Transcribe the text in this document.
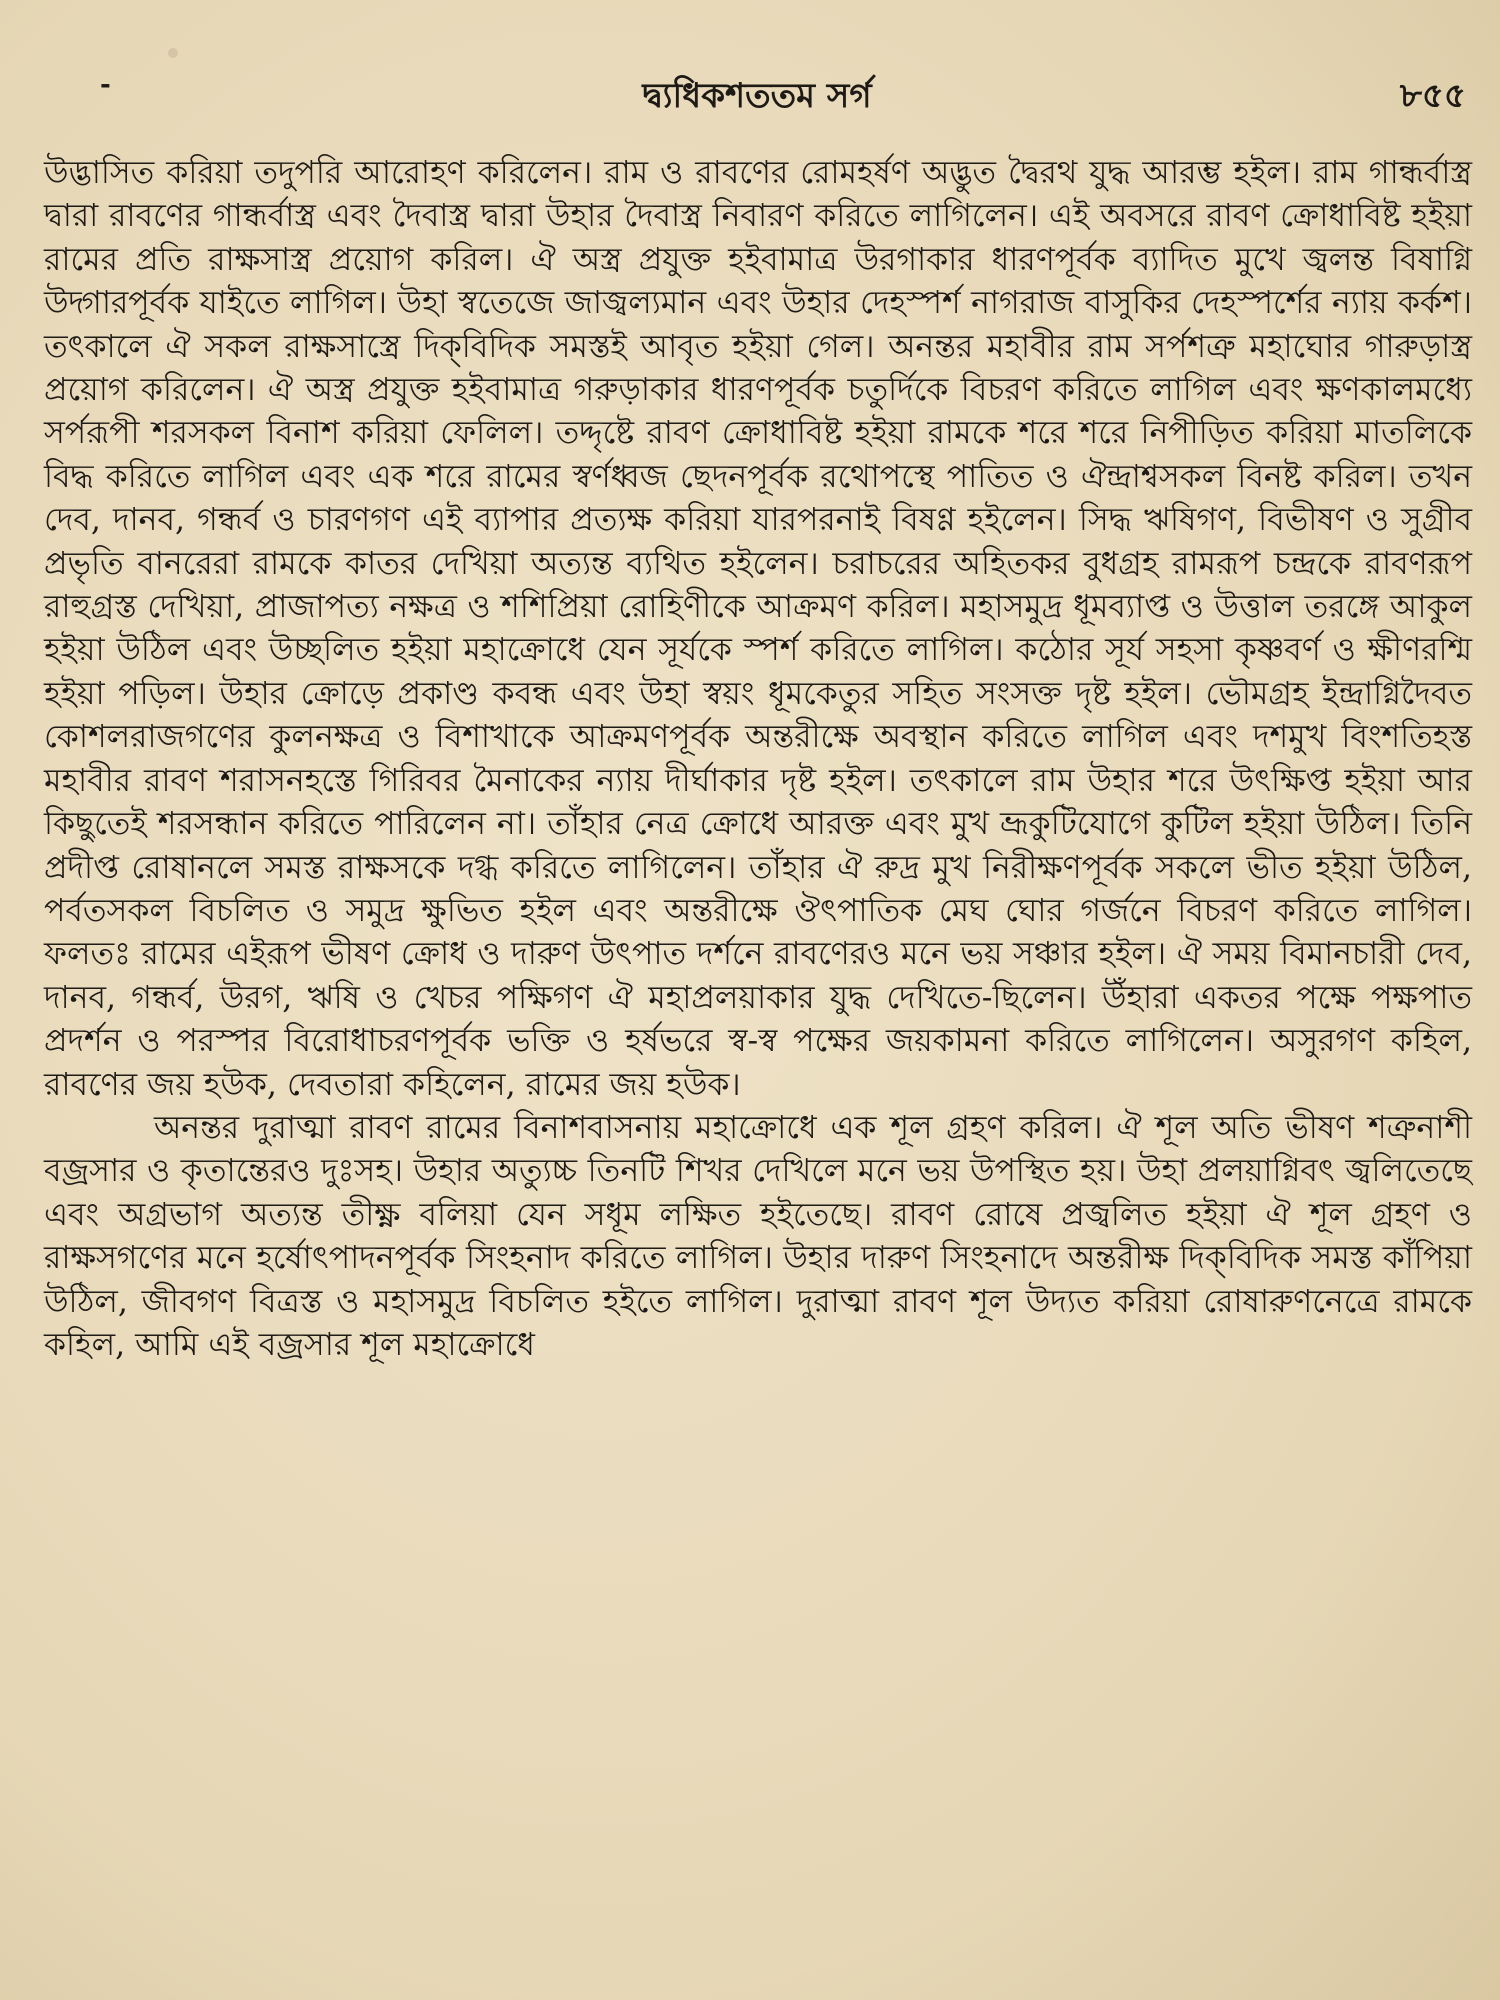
-	দ্ব্যধিকশততম সর্গ	৮৫৫

উদ্ভাসিত করিয়া তদুপরি আরোহণ করিলেন। রাম ও রাবণের রোমহর্ষণ অদ্ভুত দ্বৈরথ যুদ্ধ আরম্ভ হইল। রাম গান্ধর্বাস্ত্র দ্বারা রাবণের গান্ধর্বাস্ত্র এবং দৈবাস্ত্র দ্বারা উহার দৈবাস্ত্র নিবারণ করিতে লাগিলেন। এই অবসরে রাবণ ক্রোধাবিষ্ট হইয়া রামের প্রতি রাক্ষসাস্ত্র প্রয়োগ করিল। ঐ অস্ত্র প্রযুক্ত হইবামাত্র উরগাকার ধারণপূর্বক ব্যাদিত মুখে জ্বলন্ত বিষাগ্নি উদ্গারপূর্বক যাইতে লাগিল। উহা স্বতেজে জাজ্বল্যমান এবং উহার দেহস্পর্শ নাগরাজ বাসুকির দেহস্পর্শের ন্যায় কর্কশ। তৎকালে ঐ সকল রাক্ষসাস্ত্রে দিক্‌বিদিক সমস্তই আবৃত হইয়া গেল। অনন্তর মহাবীর রাম সর্পশত্রু মহাঘোর গারুড়াস্ত্র প্রয়োগ করিলেন। ঐ অস্ত্র প্রযুক্ত হইবামাত্র গরুড়াকার ধারণপূর্বক চতুর্দিকে বিচরণ করিতে লাগিল এবং ক্ষণকালমধ্যে সর্পরূপী শরসকল বিনাশ করিয়া ফেলিল। তদ্দৃষ্টে রাবণ ক্রোধাবিষ্ট হইয়া রামকে শরে শরে নিপীড়িত করিয়া মাতলিকে বিদ্ধ করিতে লাগিল এবং এক শরে রামের স্বর্ণধ্বজ ছেদনপূর্বক রথোপস্থে পাতিত ও ঐন্দ্রাশ্বসকল বিনষ্ট করিল। তখন দেব, দানব, গন্ধর্ব ও চারণগণ এই ব্যাপার প্রত্যক্ষ করিয়া যারপরনাই বিষণ্ণ হইলেন। সিদ্ধ ঋষিগণ, বিভীষণ ও সুগ্রীব প্রভৃতি বানরেরা রামকে কাতর দেখিয়া অত্যন্ত ব্যথিত হইলেন। চরাচরের অহিতকর বুধগ্রহ রামরূপ চন্দ্রকে রাবণরূপ রাহুগ্রস্ত দেখিয়া, প্রাজাপত্য নক্ষত্র ও শশিপ্রিয়া রোহিণীকে আক্রমণ করিল। মহাসমুদ্র ধূমব্যাপ্ত ও উত্তাল তরঙ্গে আকুল হইয়া উঠিল এবং উচ্ছলিত হইয়া মহাক্রোধে যেন সূর্যকে স্পর্শ করিতে লাগিল। কঠোর সূর্য সহসা কৃষ্ণবর্ণ ও ক্ষীণরশ্মি হইয়া পড়িল। উহার ক্রোড়ে প্রকাণ্ড কবন্ধ এবং উহা স্বয়ং ধূমকেতুর সহিত সংসক্ত দৃষ্ট হইল। ভৌমগ্রহ ইন্দ্রাগ্নিদৈবত কোশলরাজগণের কুলনক্ষত্র ও বিশাখাকে আক্রমণপূর্বক অন্তরীক্ষে অবস্থান করিতে লাগিল এবং দশমুখ বিংশতিহস্ত মহাবীর রাবণ শরাসনহস্তে গিরিবর মৈনাকের ন্যায় দীর্ঘাকার দৃষ্ট হইল। তৎকালে রাম উহার শরে উৎক্ষিপ্ত হইয়া আর কিছুতেই শরসন্ধান করিতে পারিলেন না। তাঁহার নেত্র ক্রোধে আরক্ত এবং মুখ ভ্রূকুটিযোগে কুটিল হইয়া উঠিল। তিনি প্রদীপ্ত রোষানলে সমস্ত রাক্ষসকে দগ্ধ করিতে লাগিলেন। তাঁহার ঐ রুদ্র মুখ নিরীক্ষণপূর্বক সকলে ভীত হইয়া উঠিল, পর্বতসকল বিচলিত ও সমুদ্র ক্ষুভিত হইল এবং অন্তরীক্ষে ঔৎপাতিক মেঘ ঘোর গর্জনে বিচরণ করিতে লাগিল। ফলতঃ রামের এইরূপ ভীষণ ক্রোধ ও দারুণ উৎপাত দর্শনে রাবণেরও মনে ভয় সঞ্চার হইল। ঐ সময় বিমানচারী দেব, দানব, গন্ধর্ব, উরগ, ঋষি ও খেচর পক্ষিগণ ঐ মহাপ্রলয়াকার যুদ্ধ দেখিতে-ছিলেন। উঁহারা একতর পক্ষে পক্ষপাত প্রদর্শন ও পরস্পর বিরোধাচরণপূর্বক ভক্তি ও হর্ষভরে স্ব-স্ব পক্ষের জয়কামনা করিতে লাগিলেন। অসুরগণ কহিল, রাবণের জয় হউক, দেবতারা কহিলেন, রামের জয় হউক।

অনন্তর দুরাত্মা রাবণ রামের বিনাশবাসনায় মহাক্রোধে এক শূল গ্রহণ করিল। ঐ শূল অতি ভীষণ শত্রুনাশী বজ্রসার ও কৃতান্তেরও দুঃসহ। উহার অত্যুচ্চ তিনটি শিখর দেখিলে মনে ভয় উপস্থিত হয়। উহা প্রলয়াগ্নিবৎ জ্বলিতেছে এবং অগ্রভাগ অত্যন্ত তীক্ষ্ণ বলিয়া যেন সধূম লক্ষিত হইতেছে। রাবণ রোষে প্রজ্বলিত হইয়া ঐ শূল গ্রহণ ও রাক্ষসগণের মনে হর্ষোৎপাদনপূর্বক সিংহনাদ করিতে লাগিল। উহার দারুণ সিংহনাদে অন্তরীক্ষ দিক্‌বিদিক সমস্ত কাঁপিয়া উঠিল, জীবগণ বিত্রস্ত ও মহাসমুদ্র বিচলিত হইতে লাগিল। দুরাত্মা রাবণ শূল উদ্যত করিয়া রোষারুণনেত্রে রামকে কহিল, আমি এই বজ্রসার শূল মহাক্রোধে
